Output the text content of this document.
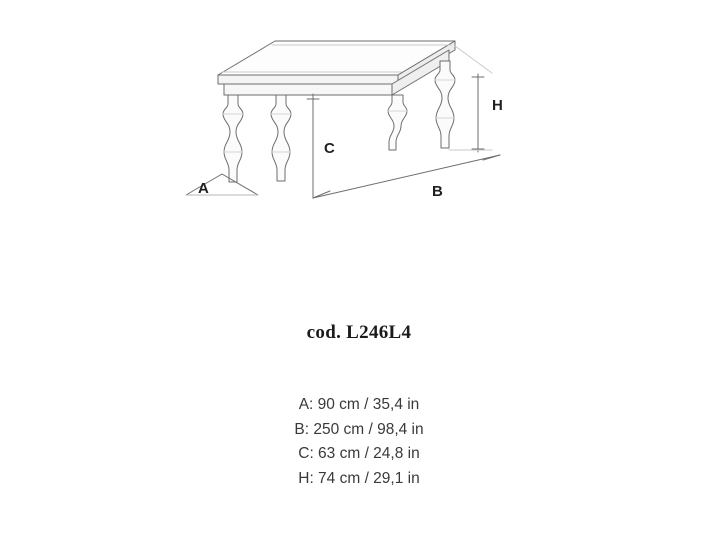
A	B
C
H
cod. L246L4
A: 90 cm / 35,4 in
B: 250 cm / 98,4 in
C: 63 cm / 24,8 in
H: 74 cm / 29,1 in
